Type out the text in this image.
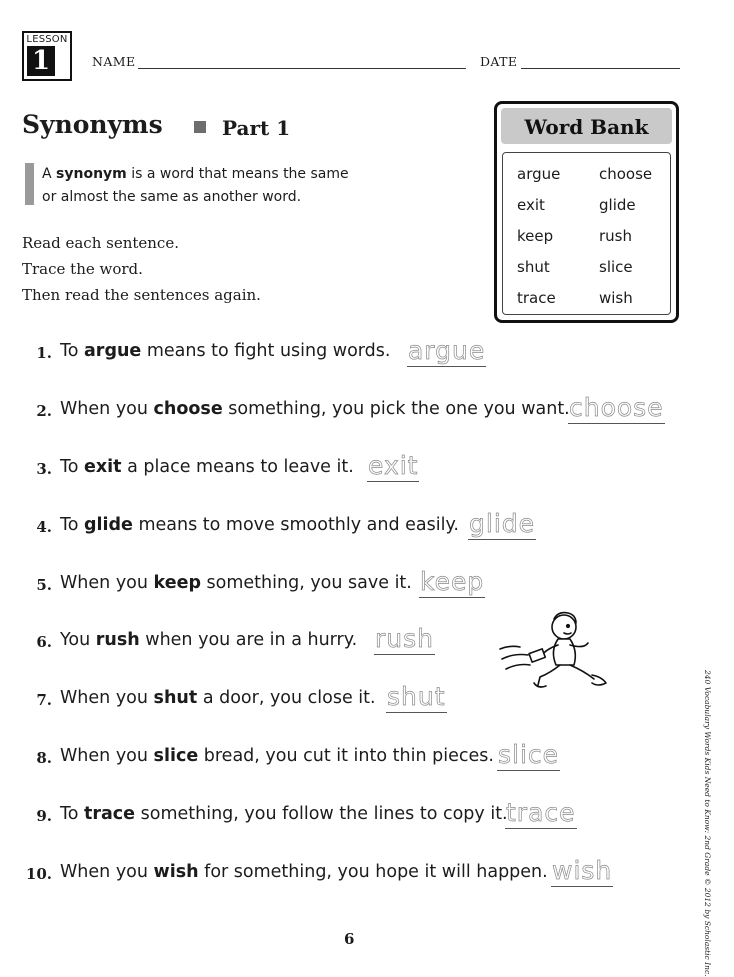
LESSON
1	NAME	DATE
Synonyms	Part 1
A synonym is a word that means the same
or almost the same as another word.
Read each sentence.
Trace the word.
Then read the sentences again.
Word Bank
argue	choose
exit	glide
keep	rush
shut	slice
trace	wish
1. To argue means to fight using words. argue
2. When you choose something, you pick the one you want. choose
3. To exit a place means to leave it. exit
4. To glide means to move smoothly and easily. glide
5. When you keep something, you save it. keep
6. You rush when you are in a hurry. rush
7. When you shut a door, you close it. shut
8. When you slice bread, you cut it into thin pieces. slice
9. To trace something, you follow the lines to copy it.
trace
10. When you wish for something, you hope it will happen. wish
6	240 Vocabulary Words Kids Need to Know: 2nd Grade © 2012 by Scholastic Inc.
